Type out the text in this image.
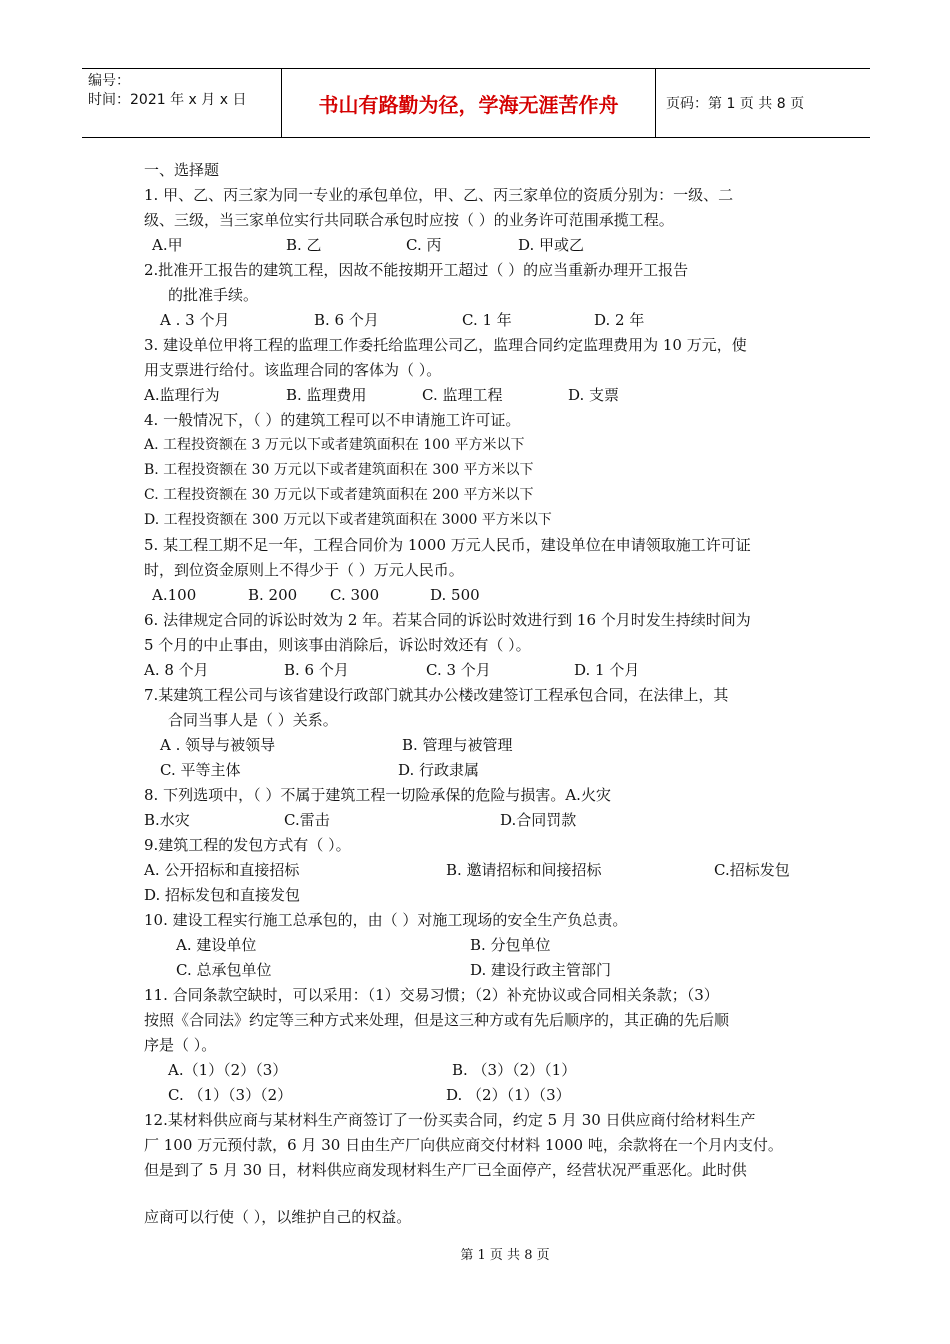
编号：
时间：2021 年 x 月 x 日	书山有路勤为径，学海无涯苦作舟	页码：第 1 页 共 8 页
一、选择题
1. 甲、乙、丙三家为同一专业的承包单位，甲、乙、丙三家单位的资质分别为：一级、二
级、三级，当三家单位实行共同联合承包时应按（ ）的业务许可范围承揽工程。
A.甲	B. 乙	C. 丙	D. 甲或乙
2.批准开工报告的建筑工程，因故不能按期开工超过（ ）的应当重新办理开工报告
的批准手续。
A . 3 个月	B. 6 个月	C. 1 年	D. 2 年
3. 建设单位甲将工程的监理工作委托给监理公司乙，监理合同约定监理费用为 10 万元，使
用支票进行给付。该监理合同的客体为（ ）。
A.监理行为	B. 监理费用	C. 监理工程	D. 支票
4. 一般情况下，（ ）的建筑工程可以不申请施工许可证。
A. 工程投资额在 3 万元以下或者建筑面积在 100 平方米以下
B. 工程投资额在 30 万元以下或者建筑面积在 300 平方米以下
C. 工程投资额在 30 万元以下或者建筑面积在 200 平方米以下
D. 工程投资额在 300 万元以下或者建筑面积在 3000 平方米以下
5. 某工程工期不足一年，工程合同价为 1000 万元人民币，建设单位在申请领取施工许可证
时，到位资金原则上不得少于（ ）万元人民币。
A.100	B. 200 C. 300	D. 500
6. 法律规定合同的诉讼时效为 2 年。若某合同的诉讼时效进行到 16 个月时发生持续时间为
5 个月的中止事由，则该事由消除后，诉讼时效还有（ ）。
A. 8 个月	B. 6 个月	C. 3 个月	D. 1 个月
7.某建筑工程公司与该省建设行政部门就其办公楼改建签订工程承包合同，在法律上，其
合同当事人是（ ）关系。
A . 领导与被领导	B. 管理与被管理
C. 平等主体	D. 行政隶属
8. 下列选项中，（ ）不属于建筑工程一切险承保的危险与损害。A.火灾
B.水灾	C.雷击	D.合同罚款
9.建筑工程的发包方式有（ ）。
A. 公开招标和直接招标	B. 邀请招标和间接招标	C.招标发包
D. 招标发包和直接发包
10. 建设工程实行施工总承包的，由（ ）对施工现场的安全生产负总责。
A. 建设单位	B. 分包单位
C. 总承包单位	D. 建设行政主管部门
11. 合同条款空缺时，可以采用：（1）交易习惯；（2）补充协议或合同相关条款；（3）
按照《合同法》约定等三种方式来处理，但是这三种方或有先后顺序的，其正确的先后顺
序是（ ）。
A.（1）（2）（3）	B. （3）（2）（1）
C. （1）（3）（2）	D. （2）（1）（3）
12.某材料供应商与某材料生产商签订了一份买卖合同，约定 5 月 30 日供应商付给材料生产
厂 100 万元预付款，6 月 30 日由生产厂向供应商交付材料 1000 吨，余款将在一个月内支付。
但是到了 5 月 30 日，材料供应商发现材料生产厂已全面停产，经营状况严重恶化。此时供
应商可以行使（ ），以维护自己的权益。
第 1 页 共 8 页
